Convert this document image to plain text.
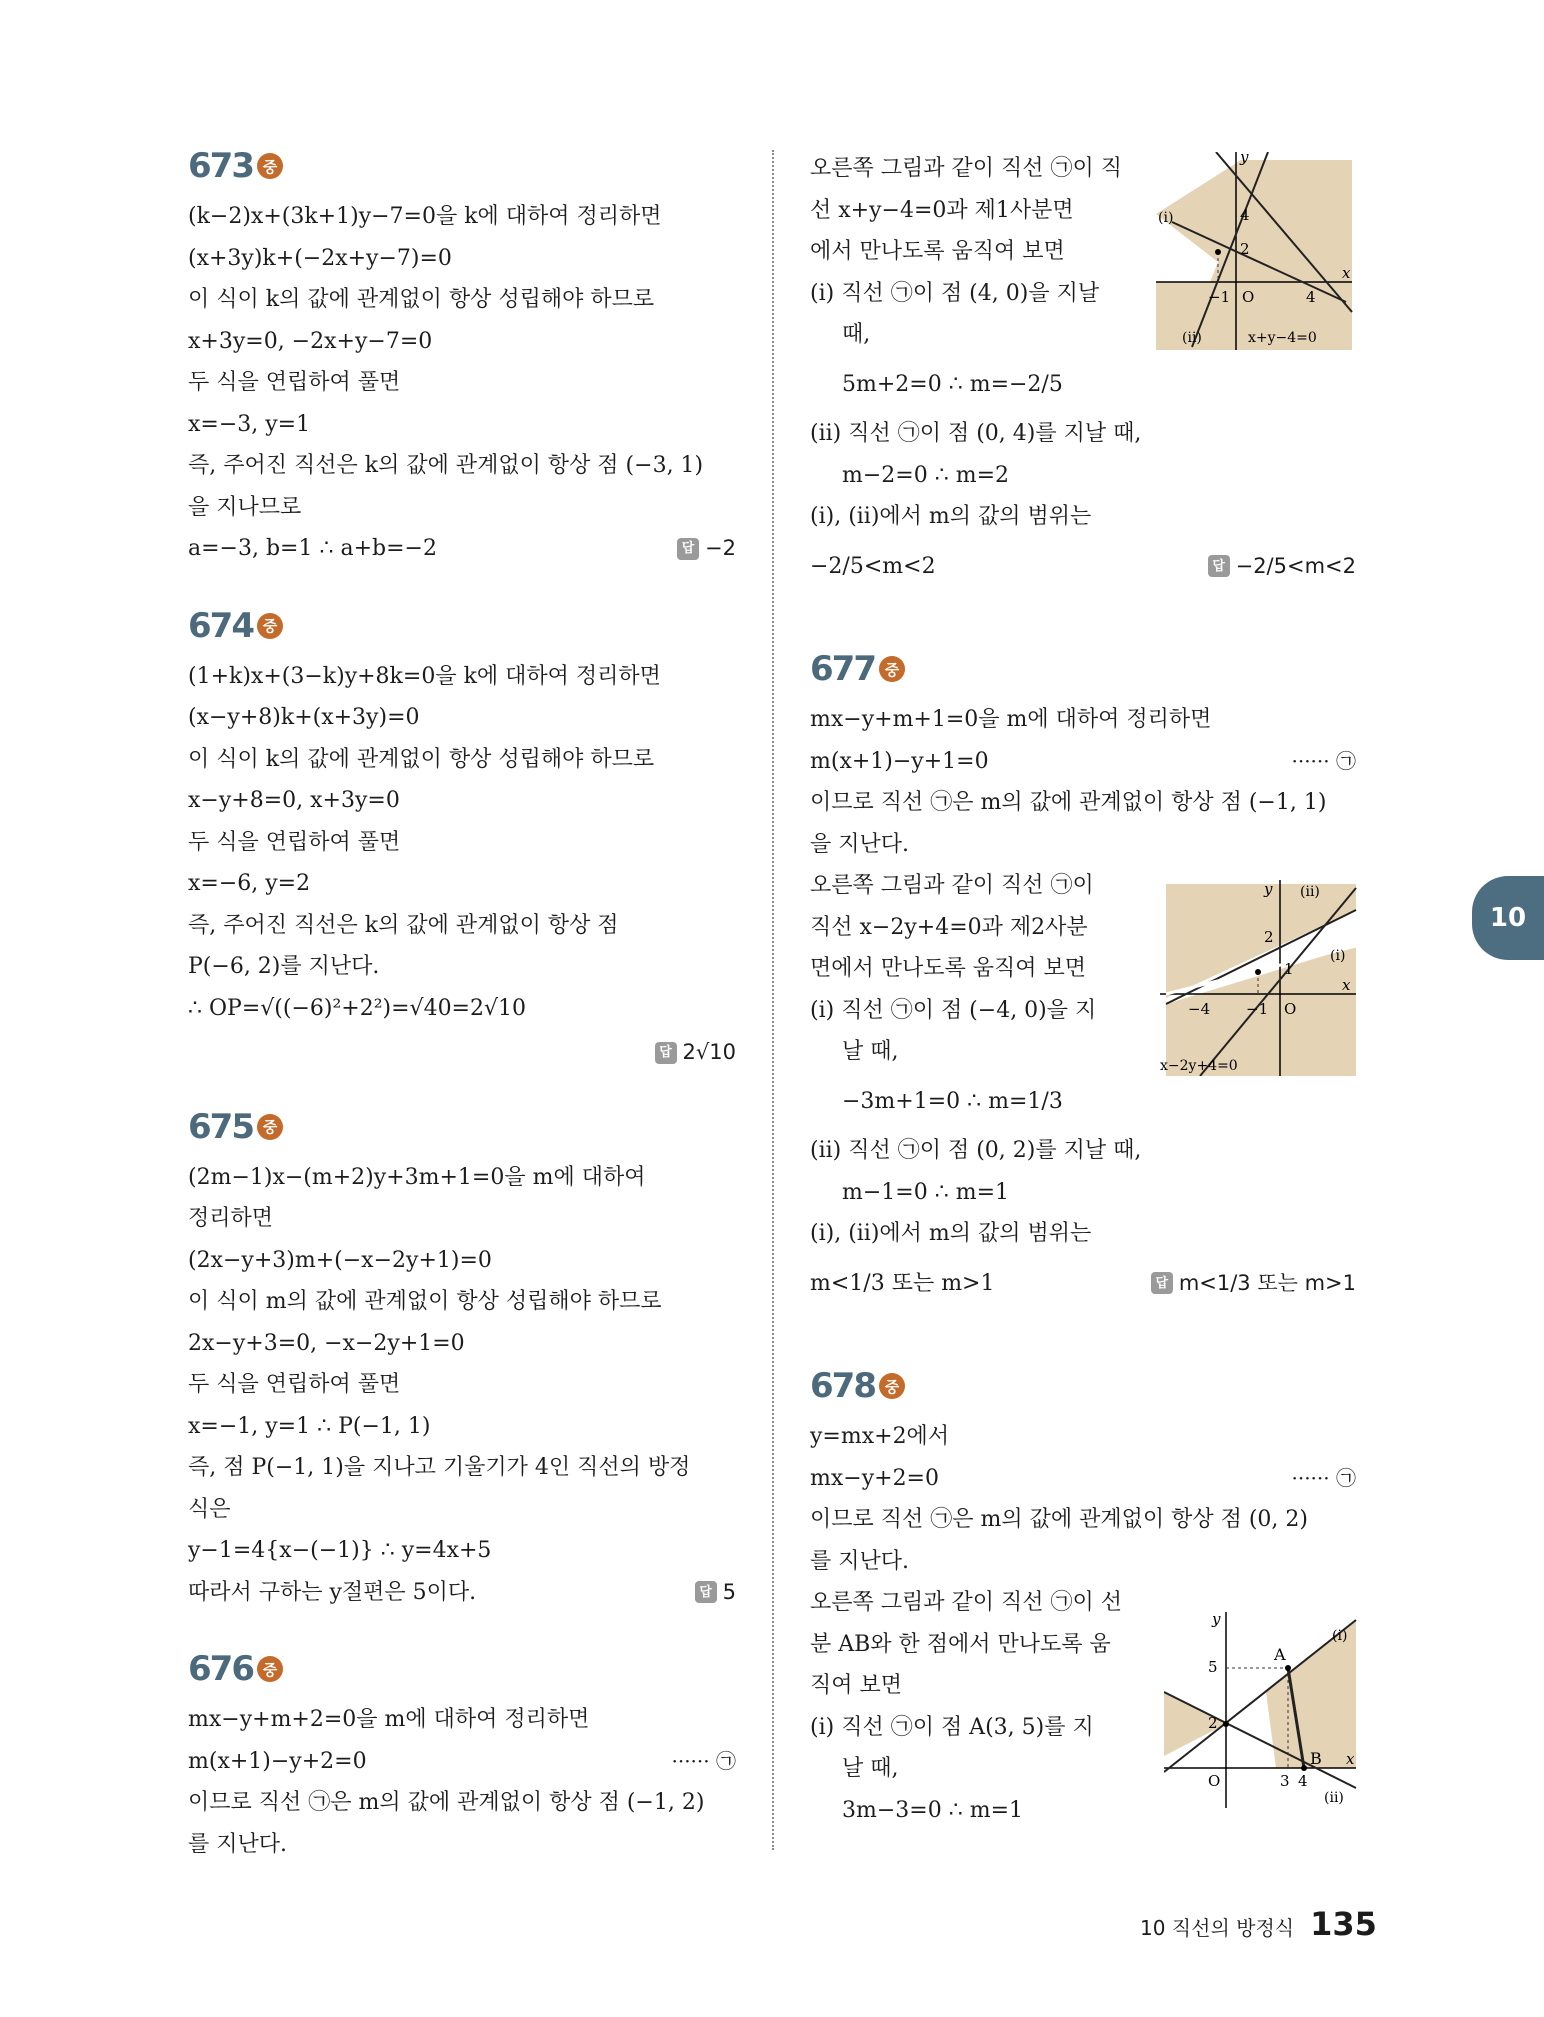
673 중
(k−2)x+(3k+1)y−7=0을 k에 대하여 정리하면
(x+3y)k+(−2x+y−7)=0
이 식이 k의 값에 관계없이 항상 성립해야 하므로
x+3y=0, −2x+y−7=0
두 식을 연립하여 풀면
x=−3, y=1
즉, 주어진 직선은 k의 값에 관계없이 항상 점 (−3, 1)
을 지나므로
a=−3, b=1 ∴ a+b=−2	답 −2
674 중
(1+k)x+(3−k)y+8k=0을 k에 대하여 정리하면
(x−y+8)k+(x+3y)=0
이 식이 k의 값에 관계없이 항상 성립해야 하므로
x−y+8=0, x+3y=0
두 식을 연립하여 풀면
x=−6, y=2
즉, 주어진 직선은 k의 값에 관계없이 항상 점
P(−6, 2)를 지난다.
∴ OP=√((−6)²+2²)=√40=2√10
답 2√10
675 중
(2m−1)x−(m+2)y+3m+1=0을 m에 대하여
정리하면
(2x−y+3)m+(−x−2y+1)=0
이 식이 m의 값에 관계없이 항상 성립해야 하므로
2x−y+3=0, −x−2y+1=0
두 식을 연립하여 풀면
x=−1, y=1 ∴ P(−1, 1)
즉, 점 P(−1, 1)을 지나고 기울기가 4인 직선의 방정
식은
y−1=4{x−(−1)} ∴ y=4x+5
따라서 구하는 y절편은 5이다.	답 5
676 중
mx−y+m+2=0을 m에 대하여 정리하면
m(x+1)−y+2=0	······ ㉠
이므로 직선 ㉠은 m의 값에 관계없이 항상 점 (−1, 2)
를 지난다.
오른쪽 그림과 같이 직선 ㉠이 직
선 x+y−4=0과 제1사분면
에서 만나도록 움직여 보면
(ⅰ) 직선 ㉠이 점 (4, 0)을 지날
때,
5m+2=0 ∴ m=−2/5
(ⅱ) 직선 ㉠이 점 (0, 4)를 지날 때,
m−2=0 ∴ m=2
(ⅰ), (ⅱ)에서 m의 값의 범위는
−2/5<m<2	답 −2/5<m<2
677 중
mx−y+m+1=0을 m에 대하여 정리하면
m(x+1)−y+1=0	······ ㉠
이므로 직선 ㉠은 m의 값에 관계없이 항상 점 (−1, 1)
을 지난다.
오른쪽 그림과 같이 직선 ㉠이
직선 x−2y+4=0과 제2사분
면에서 만나도록 움직여 보면
(ⅰ) 직선 ㉠이 점 (−4, 0)을 지
날 때,
−3m+1=0 ∴ m=1/3
(ⅱ) 직선 ㉠이 점 (0, 2)를 지날 때,
m−1=0 ∴ m=1
(ⅰ), (ⅱ)에서 m의 값의 범위는
m<1/3 또는 m>1	답 m<1/3 또는 m>1
678 중
y=mx+2에서
mx−y+2=0	······ ㉠
이므로 직선 ㉠은 m의 값에 관계없이 항상 점 (0, 2)
를 지난다.
오른쪽 그림과 같이 직선 ㉠이 선
분 AB와 한 점에서 만나도록 움
직여 보면
(ⅰ) 직선 ㉠이 점 A(3, 5)를 지
날 때,
3m−3=0 ∴ m=1
y
x
O
4
2
−1	4
(ⅰ)
(ⅱ)	x+y−4=0
y
x
O
2
1
−4 −1
(ⅰ)
(ⅱ)
x−2y+4=0
y
x
O
5
2
3 4
A
B
(ⅰ)
(ⅱ)
10
10 직선의 방정식 135
